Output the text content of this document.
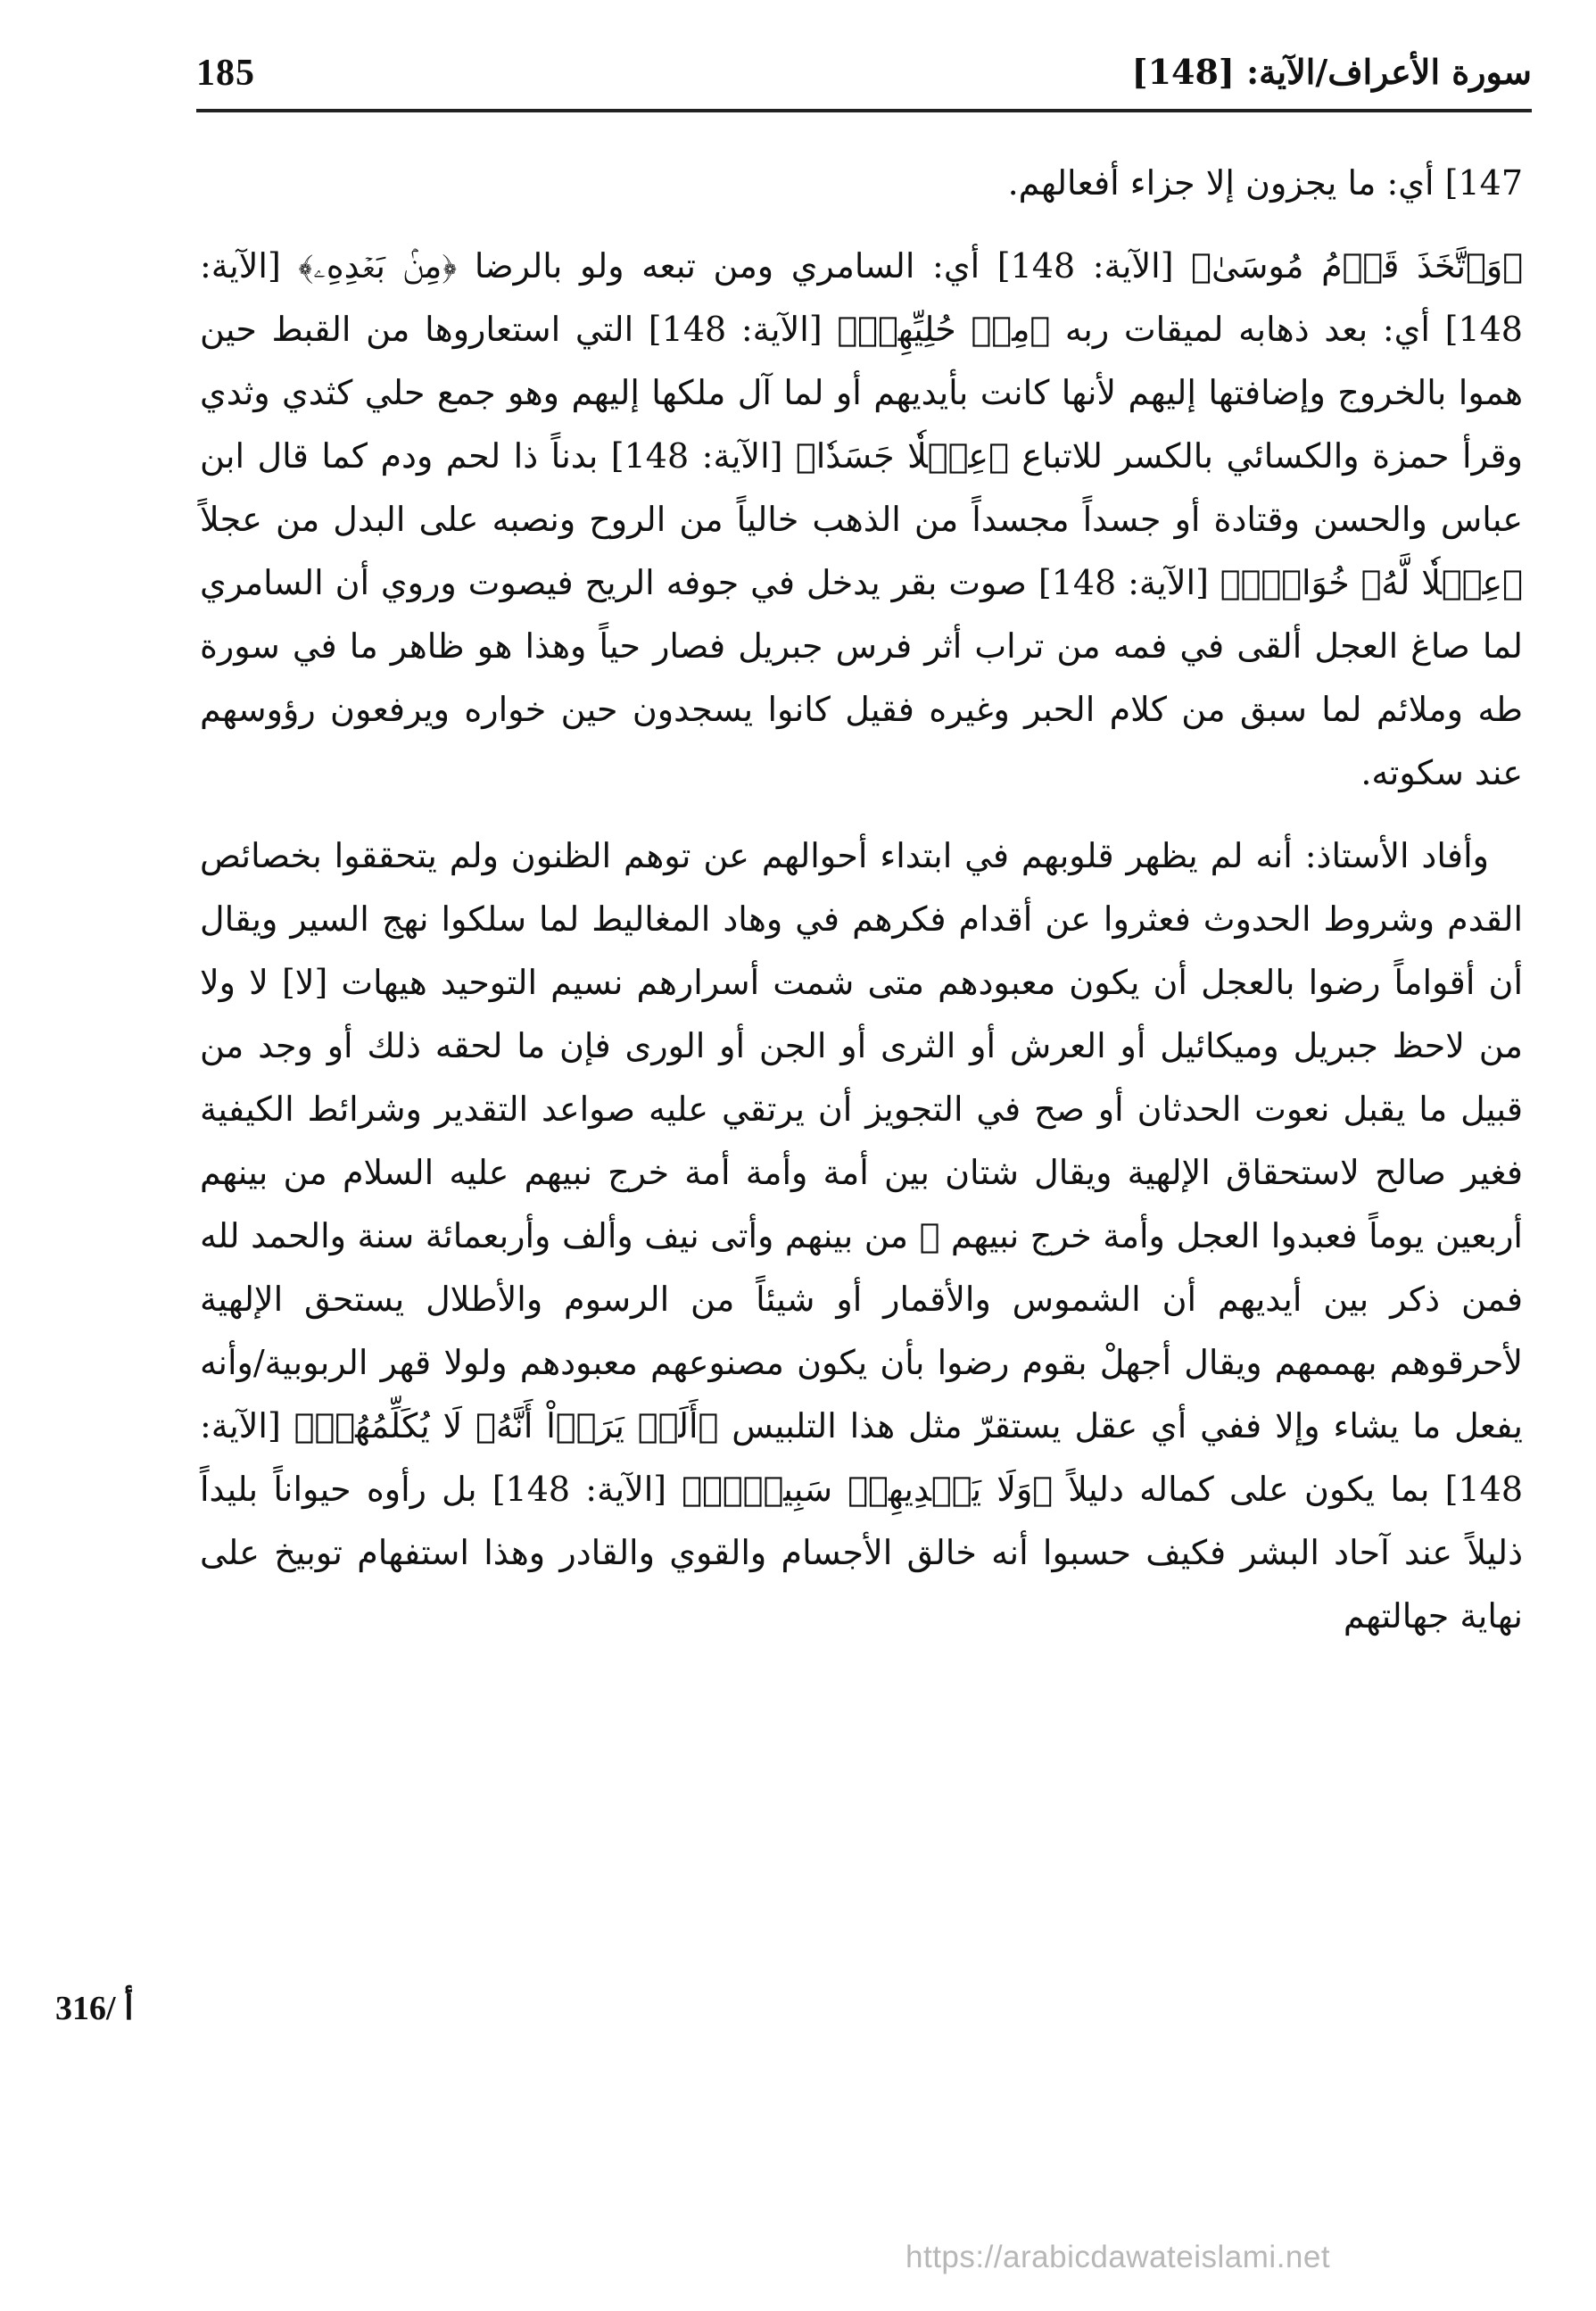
185	سورة الأعراف/الآية: [148]

147] أي: ما يجزون إلا جزاء أفعالهم.

﴿وَٱتَّخَذَ قَوۡمُ مُوسَىٰ﴾ [الآية: 148] أي: السامري ومن تبعه ولو بالرضا ﴿مِنۢ بَعۡدِهِۦ﴾ [الآية: 148] أي: بعد ذهابه لميقات ربه ﴿مِنۡ حُلِيِّهِمۡ﴾ [الآية: 148] التي استعاروها من القبط حين هموا بالخروج وإضافتها إليهم لأنها كانت بأيديهم أو لما آل ملكها إليهم وهو جمع حلي كثدي وثدي وقرأ حمزة والكسائي بالكسر للاتباع ﴿عِجۡلٗا جَسَدٗا﴾ [الآية: 148] بدناً ذا لحم ودم كما قال ابن عباس والحسن وقتادة أو جسداً مجسداً من الذهب خالياً من الروح ونصبه على البدل من عجلاً ﴿عِجۡلٗا لَّهُۥ خُوَارٌۚ﴾ [الآية: 148] صوت بقر يدخل في جوفه الريح فيصوت وروي أن السامري لما صاغ العجل ألقى في فمه من تراب أثر فرس جبريل فصار حياً وهذا هو ظاهر ما في سورة طه وملائم لما سبق من كلام الحبر وغيره فقيل كانوا يسجدون حين خواره ويرفعون رؤوسهم عند سكوته.

وأفاد الأستاذ: أنه لم يظهر قلوبهم في ابتداء أحوالهم عن توهم الظنون ولم يتحققوا بخصائص القدم وشروط الحدوث فعثروا عن أقدام فكرهم في وهاد المغاليط لما سلكوا نهج السير ويقال أن أقواماً رضوا بالعجل أن يكون معبودهم متى شمت أسرارهم نسيم التوحيد هيهات [لا] لا ولا من لاحظ جبريل وميكائيل أو العرش أو الثرى أو الجن أو الورى فإن ما لحقه ذلك أو وجد من قبيل ما يقبل نعوت الحدثان أو صح في التجويز أن يرتقي عليه صواعد التقدير وشرائط الكيفية فغير صالح لاستحقاق الإلهية ويقال شتان بين أمة وأمة أمة خرج نبيهم عليه السلام من بينهم أربعين يوماً فعبدوا العجل وأمة خرج نبيهم ﷺ من بينهم وأتى نيف وألف وأربعمائة سنة والحمد لله فمن ذكر بين أيديهم أن الشموس والأقمار أو شيئاً من الرسوم والأطلال يستحق الإلهية لأحرقوهم بهممهم ويقال أجهلْ بقوم رضوا بأن يكون مصنوعهم معبودهم ولولا قهر الربوبية/وأنه يفعل ما يشاء وإلا ففي أي عقل يستقرّ مثل هذا التلبيس ﴿أَلَمۡ يَرَوۡاْ أَنَّهُۥ لَا يُكَلِّمُهُمۡ﴾ [الآية: 148] بما يكون على كماله دليلاً ﴿وَلَا يَهۡدِيهِمۡ سَبِيلًاۘ﴾ [الآية: 148] بل رأوه حيواناً بليداً ذليلاً عند آحاد البشر فكيف حسبوا أنه خالق الأجسام والقوي والقادر وهذا استفهام توبيخ على نهاية جهالتهم

316/ أ
https://arabicdawateislami.net
